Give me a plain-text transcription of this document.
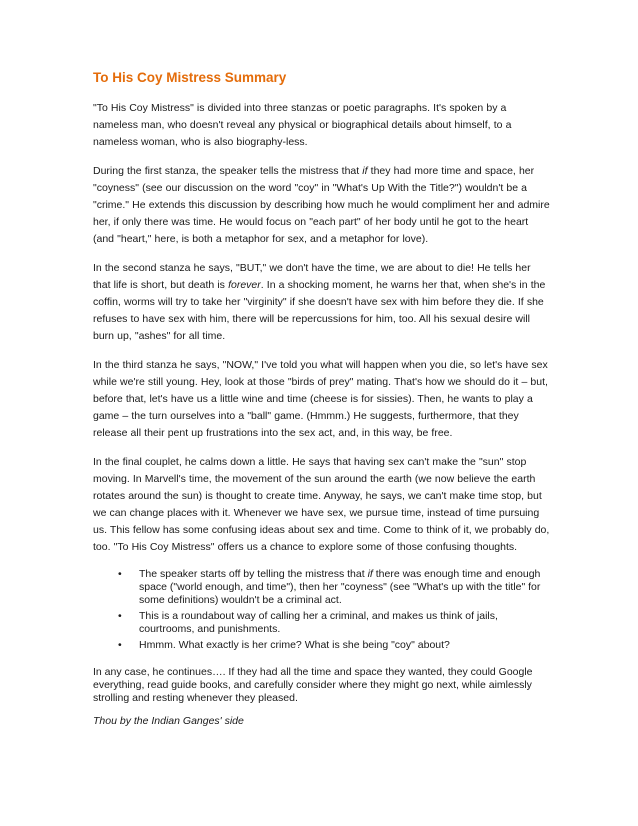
To His Coy Mistress Summary

"To His Coy Mistress" is divided into three stanzas or poetic paragraphs. It's spoken by a nameless man, who doesn't reveal any physical or biographical details about himself, to a nameless woman, who is also biography-less.

During the first stanza, the speaker tells the mistress that if they had more time and space, her "coyness" (see our discussion on the word "coy" in "What's Up With the Title?") wouldn't be a "crime." He extends this discussion by describing how much he would compliment her and admire her, if only there was time. He would focus on "each part" of her body until he got to the heart (and "heart," here, is both a metaphor for sex, and a metaphor for love).

In the second stanza he says, "BUT," we don't have the time, we are about to die! He tells her that life is short, but death is forever. In a shocking moment, he warns her that, when she's in the coffin, worms will try to take her "virginity" if she doesn't have sex with him before they die. If she refuses to have sex with him, there will be repercussions for him, too. All his sexual desire will burn up, "ashes" for all time.

In the third stanza he says, "NOW," I've told you what will happen when you die, so let's have sex while we're still young. Hey, look at those "birds of prey" mating. That's how we should do it – but, before that, let's have us a little wine and time (cheese is for sissies). Then, he wants to play a game – the turn ourselves into a "ball" game. (Hmmm.) He suggests, furthermore, that they release all their pent up frustrations into the sex act, and, in this way, be free.

In the final couplet, he calms down a little. He says that having sex can't make the "sun" stop moving. In Marvell's time, the movement of the sun around the earth (we now believe the earth rotates around the sun) is thought to create time. Anyway, he says, we can't make time stop, but we can change places with it. Whenever we have sex, we pursue time, instead of time pursuing us. This fellow has some confusing ideas about sex and time. Come to think of it, we probably do, too. "To His Coy Mistress" offers us a chance to explore some of those confusing thoughts.

• The speaker starts off by telling the mistress that if there was enough time and enough space ("world enough, and time"), then her "coyness" (see "What's up with the title" for some definitions) wouldn't be a criminal act.
• This is a roundabout way of calling her a criminal, and makes us think of jails, courtrooms, and punishments.
• Hmmm. What exactly is her crime? What is she being "coy" about?

In any case, he continues…. If they had all the time and space they wanted, they could Google everything, read guide books, and carefully consider where they might go next, while aimlessly strolling and resting whenever they pleased.

Thou by the Indian Ganges' side
